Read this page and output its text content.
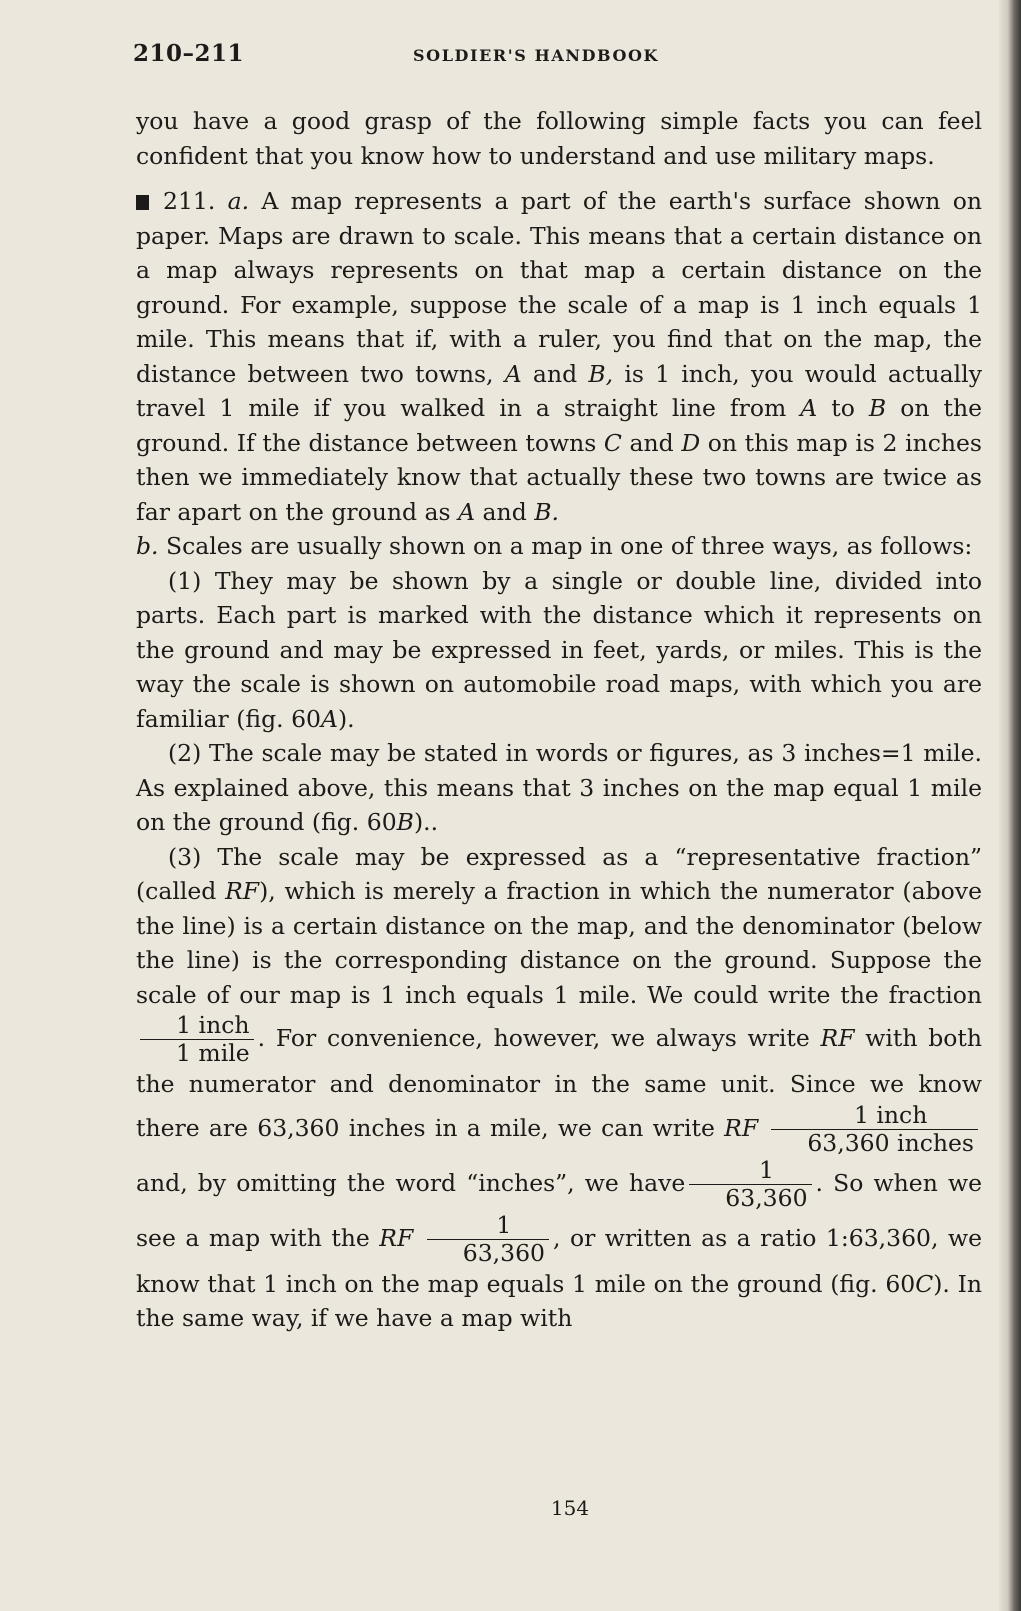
210–211	SOLDIER'S HANDBOOK

you have a good grasp of the following simple facts you can feel confident that you know how to understand and use military maps.

211. a. A map represents a part of the earth's surface shown on paper. Maps are drawn to scale. This means that a certain distance on a map always represents on that map a certain distance on the ground. For example, suppose the scale of a map is 1 inch equals 1 mile. This means that if, with a ruler, you find that on the map, the distance between two towns, A and B, is 1 inch, you would actually travel 1 mile if you walked in a straight line from A to B on the ground. If the distance between towns C and D on this map is 2 inches then we immediately know that actually these two towns are twice as far apart on the ground as A and B.

b. Scales are usually shown on a map in one of three ways, as follows:

(1) They may be shown by a single or double line, divided into parts. Each part is marked with the distance which it represents on the ground and may be expressed in feet, yards, or miles. This is the way the scale is shown on automobile road maps, with which you are familiar (fig. 60A).

(2) The scale may be stated in words or figures, as 3 inches=1 mile. As explained above, this means that 3 inches on the map equal 1 mile on the ground (fig. 60B)..

(3) The scale may be expressed as a “representative fraction” (called RF), which is merely a fraction in which the numerator (above the line) is a certain distance on the map, and the denominator (below the line) is the corresponding distance on the ground. Suppose the scale of our map is 1 inch equals 1 mile. We could write the fraction
$\frac{\text{1 inch}}{\text{1 mile}}$ . For convenience, however, we always write RF with both the numerator and denominator in the same unit. Since we know there are 63,360 inches in a mile, we can write RF $\frac{\text{1 inch}}{\text{63,360 inches}}$
and, by omitting the word “inches”, we have $\frac{1}{63,360}$ . So when we see a map with the RF $\frac{1}{63,360}$ , or written as a ratio 1:63,360, we know that 1 inch on the map equals 1 mile on the ground (fig. 60C). In the same way, if we have a map with

154
